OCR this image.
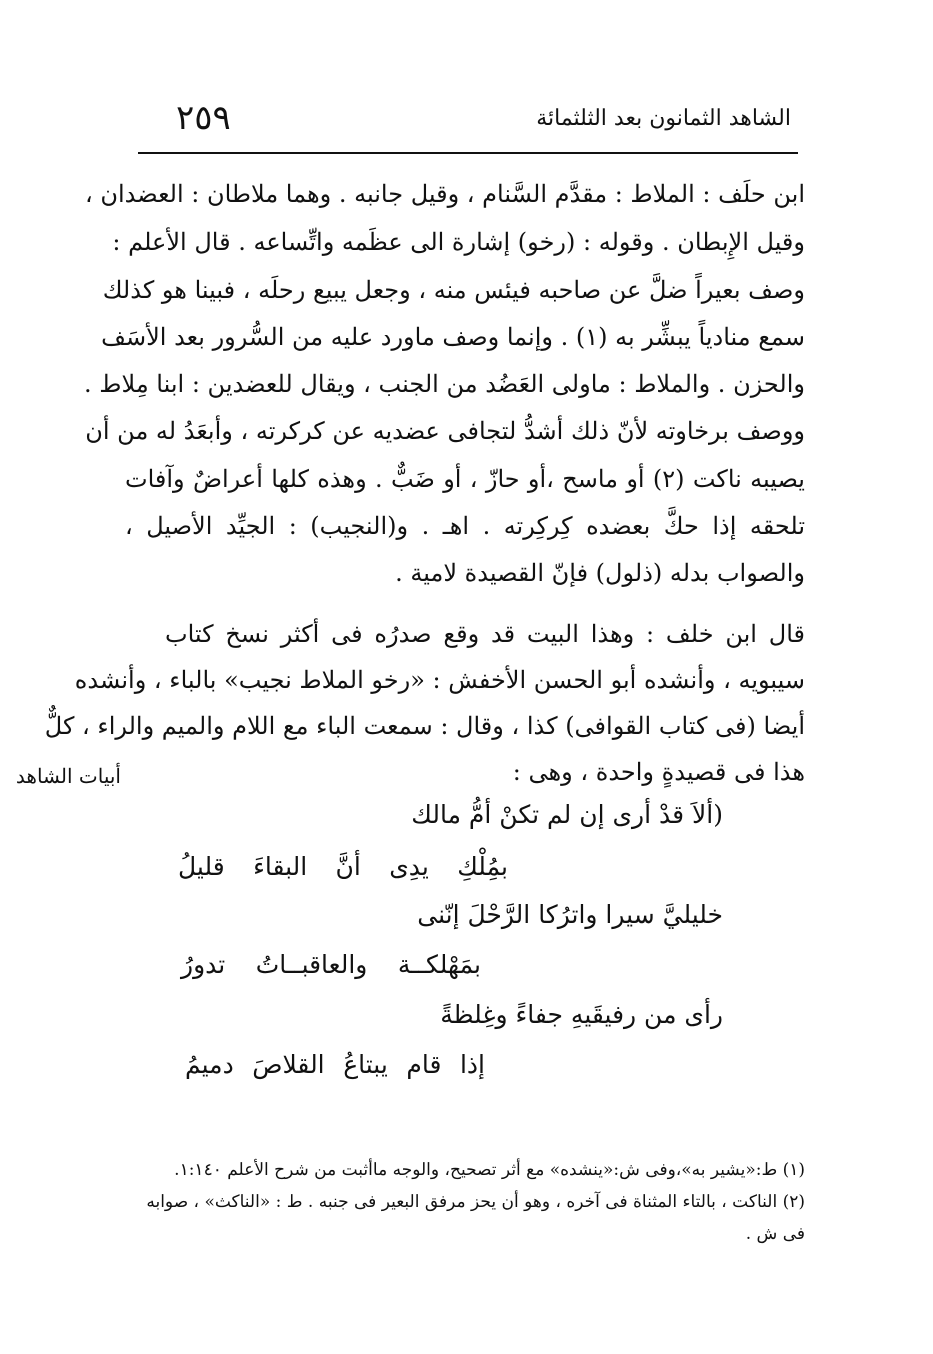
الشاهد الثمانون بعد الثلثمائة
٢٥٩
ابن حلَف : الملاط : مقدَّم السَّنام ، وقيل جانبه . وهما ملاطان : العضدان ،
وقيل الإِبطان . وقوله : (رخو) إشارة الى عظَمه واتِّساعه . قال الأعلم :
وصف بعيراً ضلَّ عن صاحبه فيئس منه ، وجعل يبيع رحلَه ، فبينا هو كذلك
سمع منادياً يبشِّر به (١) . وإنما وصف ماورد عليه من السُّرور بعد الأسَف
والحزن . والملاط : ماولى العَضُد من الجنب ، ويقال للعضدين : ابنا مِلاط .
ووصف برخاوته لأنّ ذلك أشدُّ لتجافى عضديه عن كركرته ، وأبعَدُ له من أن
يصيبه ناكت (٢) أو ماسح ،أو حازّ ، أو ضَبٌّ . وهذه كلها أعراضٌ وآفات
تلحقه إذا حكَّ بعضده كِركِرته . اهـ . و(النجيب) : الجيِّد الأصيل ،
والصواب بدله (ذلول) فإنّ القصيدة لامية .
قال ابن خلف : وهذا البيت قد وقع صدرُه فى أكثر نسخ كتاب
سيبويه ، وأنشده أبو الحسن الأخفش : «رخو الملاط نجيب» بالباء ، وأنشده
أيضا (فى كتاب القوافى) كذا ، وقال : سمعت الباء مع اللام والميم والراء ، كلٌّ
هذا فى قصيدةٍ واحدة ، وهى :
أبيات الشاهد
(ألاَ قدْ أرى إن لم تكنْ أمُّ مالك
بمُِلْكِ يدِى أنَّ البقاءَ قليلُ
خليليَّ سيرا واترُكا الرَّحْلَ إنّنى
بمَهْلكــة والعاقبــاتُ تدورُ
رأى من رفيقَيهِ جفاءً وغِلظةً
إذا قام يبتاعُ القلاصَ دميمُ
(١) ط:«يشير به»،وفى ش:«ينشده» مع أثر تصحيح، والوجه ماأثبت من شرح الأعلم ١:١٤٠.
(٢) الناكت ، بالتاء المثناة فى آخره ، وهو أن يحز مرفق البعير فى جنبه . ط : «الناكث» ، صوابه
فى ش .
